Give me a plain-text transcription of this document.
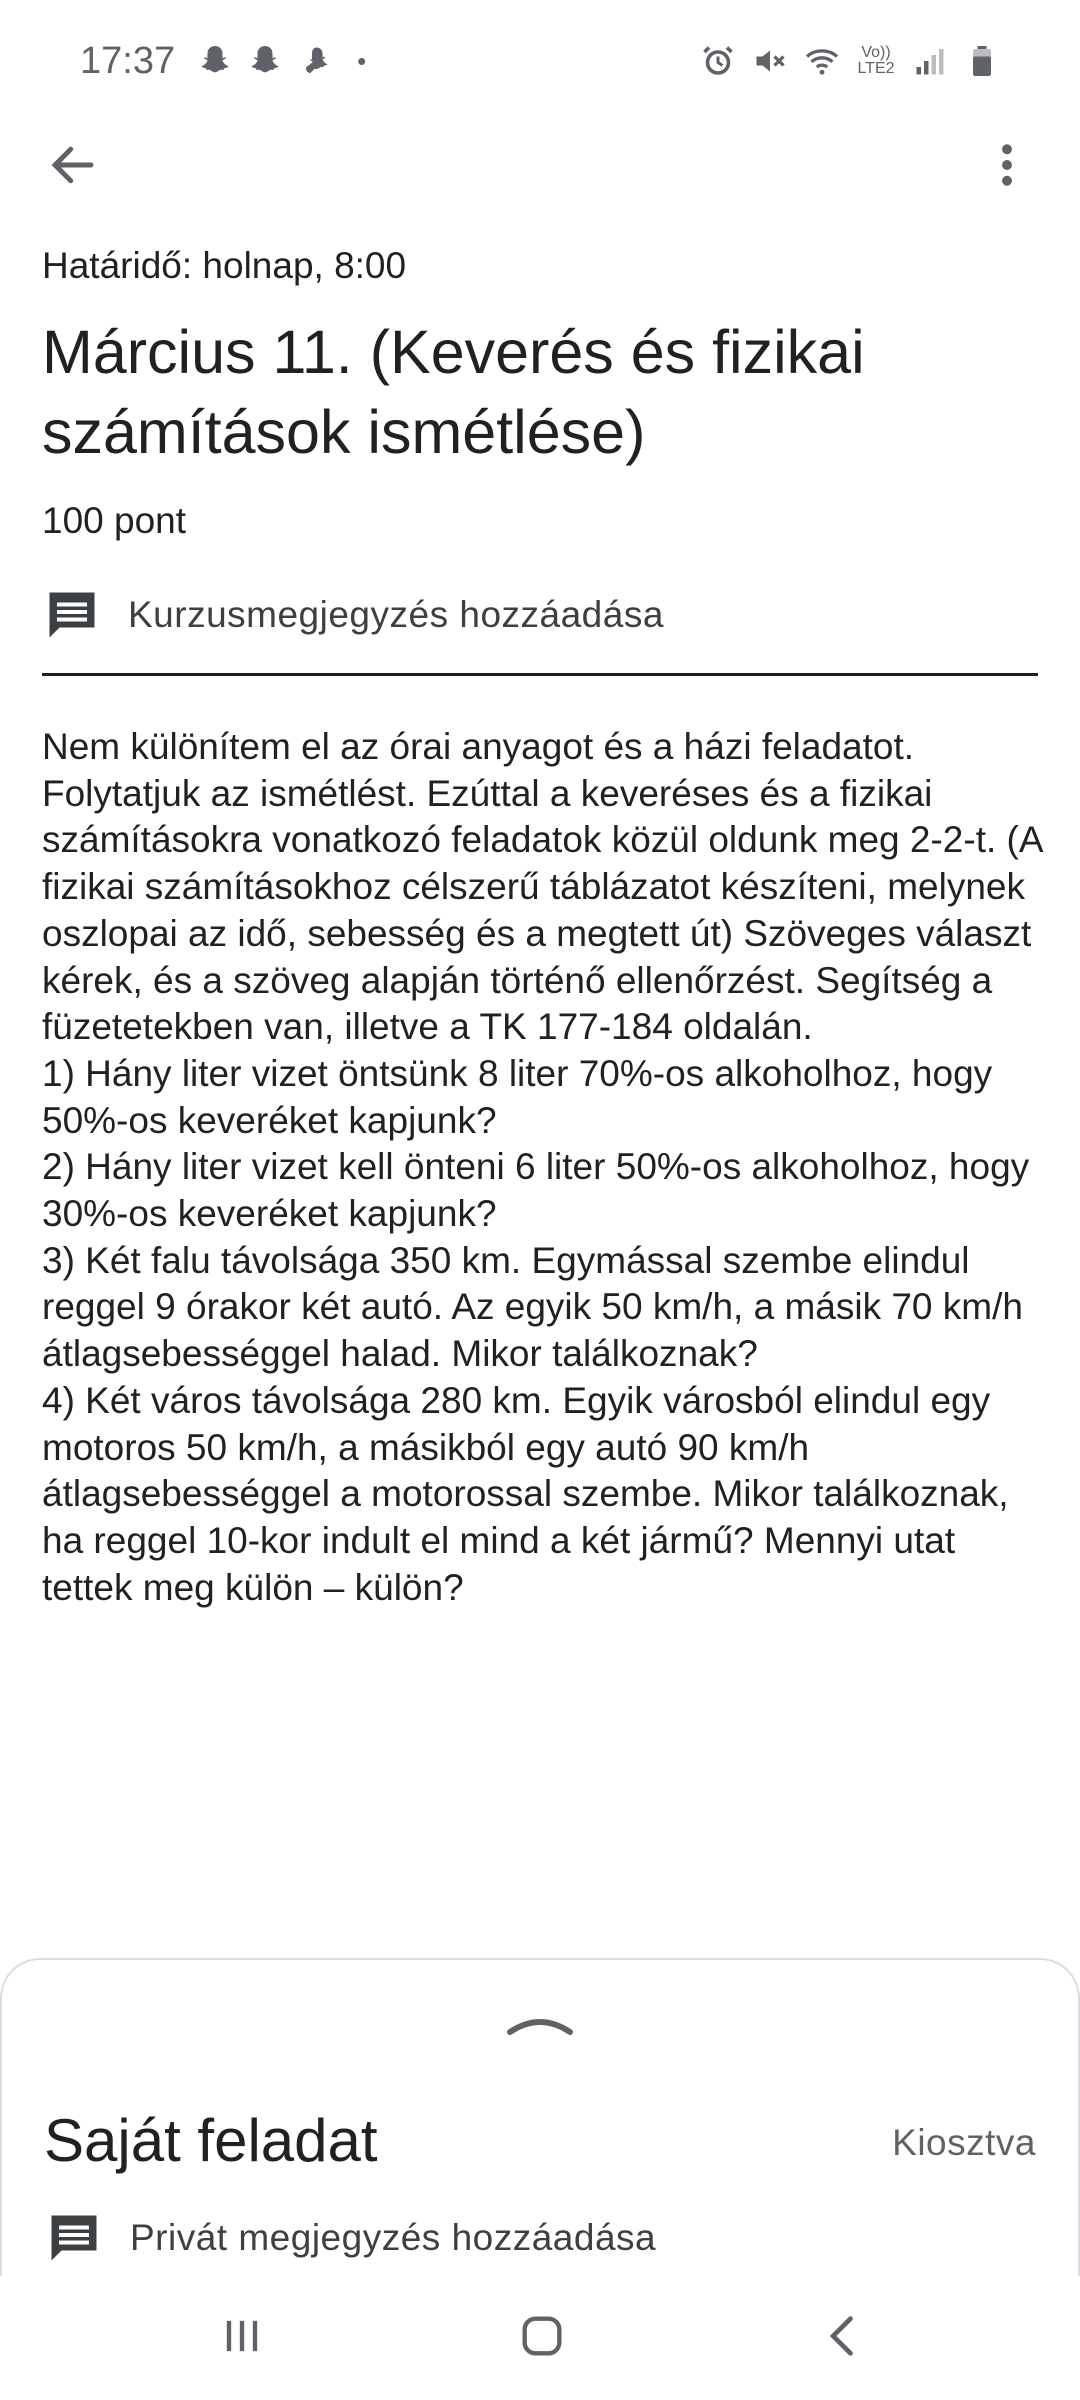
17:37	•	Vo))
LTE2
Határidő: holnap, 8:00
Március 11. (Keverés és fizikai számítások ismétlése)
100 pont
Kurzusmegjegyzés hozzáadása
Nem különítem el az órai anyagot és a házi feladatot. Folytatjuk az ismétlést. Ezúttal a keveréses és a fizikai számításokra vonatkozó feladatok közül oldunk meg 2-2-t. (A fizikai számításokhoz célszerű táblázatot készíteni, melynek oszlopai az idő, sebesség és a megtett út) Szöveges választ kérek, és a szöveg alapján történő ellenőrzést. Segítség a füzetetekben van, illetve a TK 177-184 oldalán.
1) Hány liter vizet öntsünk 8 liter 70%-os alkoholhoz, hogy 50%-os keveréket kapjunk?
2) Hány liter vizet kell önteni 6 liter 50%-os alkoholhoz, hogy 30%-os keveréket kapjunk?
3) Két falu távolsága 350 km. Egymással szembe elindul reggel 9 órakor két autó. Az egyik 50 km/h, a másik 70 km/h átlagsebességgel halad. Mikor találkoznak?
4) Két város távolsága 280 km. Egyik városból elindul egy motoros 50 km/h, a másikból egy autó 90 km/h átlagsebességgel a motorossal szembe. Mikor találkoznak, ha reggel 10-kor indult el mind a két jármű? Mennyi utat tettek meg külön – külön?
Saját feladat	Kiosztva
Privát megjegyzés hozzáadása
